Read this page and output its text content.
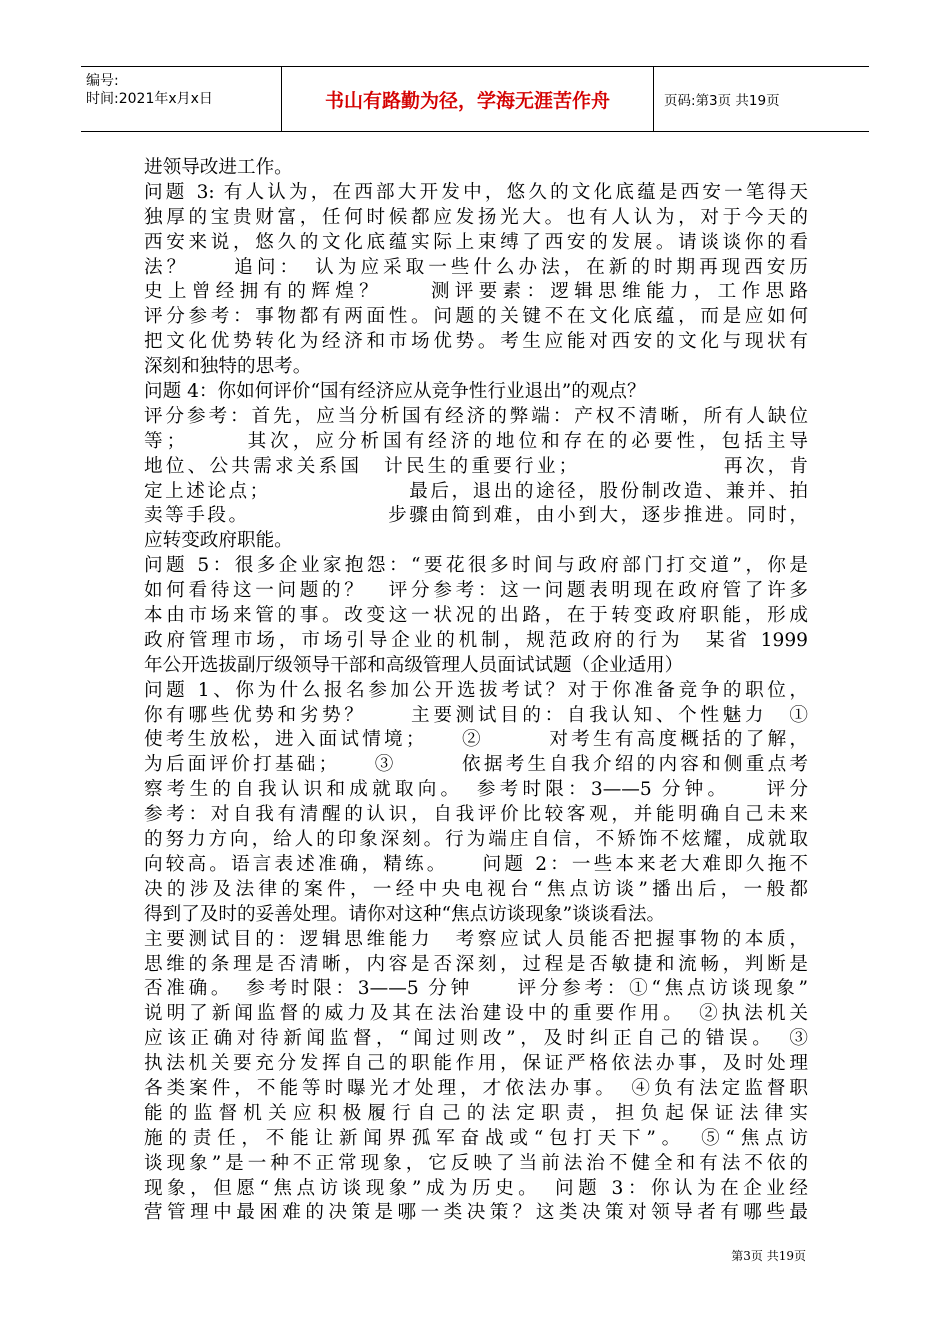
编号:
时间:2021年x月x日	书山有路勤为径，学海无涯苦作舟	页码:第3页 共19页
进领导改进工作。
问题 3: 有人认为，在西部大开发中，悠久的文化底蕴是西安一笔得天
独厚的宝贵财富，任何时候都应发扬光大。也有人认为，对于今天的
西安来说，悠久的文化底蕴实际上束缚了西安的发展。请谈谈你的看
法？　　追问：　认为应采取一些什么办法，在新的时期再现西安历
史上曾经拥有的辉煌？　　测评要素：逻辑思维能力，工作思路
评分参考：事物都有两面性。问题的关键不在文化底蕴，而是应如何
把文化优势转化为经济和市场优势。考生应能对西安的文化与现状有
深刻和独特的思考。
问题 4：你如何评价“国有经济应从竞争性行业退出”的观点？
评分参考：首先，应当分析国有经济的弊端：产权不清晰，所有人缺位
等；　　　其次，应分析国有经济的地位和存在的必要性，包括主导
地位、公共需求关系国　计民生的重要行业；　　　　　　　再次，肯
定上述论点；　　　　　　　最后，退出的途径，股份制改造、兼并、拍
卖等手段。　　　　　　　步骤由简到难，由小到大，逐步推进。同时，
应转变政府职能。
问题 5：很多企业家抱怨：“要花很多时间与政府部门打交道”，你是
如何看待这一问题的？　评分参考：这一问题表明现在政府管了许多
本由市场来管的事。改变这一状况的出路，在于转变政府职能，形成
政府管理市场，市场引导企业的机制，规范政府的行为　某省 1999
年公开选拔副厅级领导干部和高级管理人员面试试题（企业适用）
问题 1、你为什么报名参加公开选拔考试？对于你准备竞争的职位，
你有哪些优势和劣势？　　主要测试目的：自我认知、个性魅力　①
使考生放松，进入面试情境；　　②　　　对考生有高度概括的了解，
为后面评价打基础；　　③　　　依据考生自我介绍的内容和侧重点考
察考生的自我认识和成就取向。　参考时限：3——5 分钟。　　评分
参考：对自我有清醒的认识，自我评价比较客观，并能明确自己未来
的努力方向，给人的印象深刻。行为端庄自信，不矫饰不炫耀，成就取
向较高。语言表述准确，精练。　　问题 2：一些本来老大难即久拖不
决的涉及法律的案件，一经中央电视台“焦点访谈”播出后，一般都
得到了及时的妥善处理。请你对这种“焦点访谈现象”谈谈看法。
主要测试目的：逻辑思维能力　考察应试人员能否把握事物的本质，
思维的条理是否清晰，内容是否深刻，过程是否敏捷和流畅，判断是
否准确。　参考时限：3——5 分钟　　评分参考：①“焦点访谈现象”
说明了新闻监督的威力及其在法治建设中的重要作用。　②执法机关
应该正确对待新闻监督，“闻过则改”，及时纠正自己的错误。　③
执法机关要充分发挥自己的职能作用，保证严格依法办事，及时处理
各类案件，不能等时曝光才处理，才依法办事。　④负有法定监督职
能的监督机关应积极履行自己的法定职责，担负起保证法律实
施的责任，不能让新闻界孤军奋战或“包打天下”。　⑤“焦点访
谈现象”是一种不正常现象，它反映了当前法治不健全和有法不依的
现象，但愿“焦点访谈现象”成为历史。　问题 3：你认为在企业经
营管理中最困难的决策是哪一类决策？这类决策对领导者有哪些最
第3页 共19页
